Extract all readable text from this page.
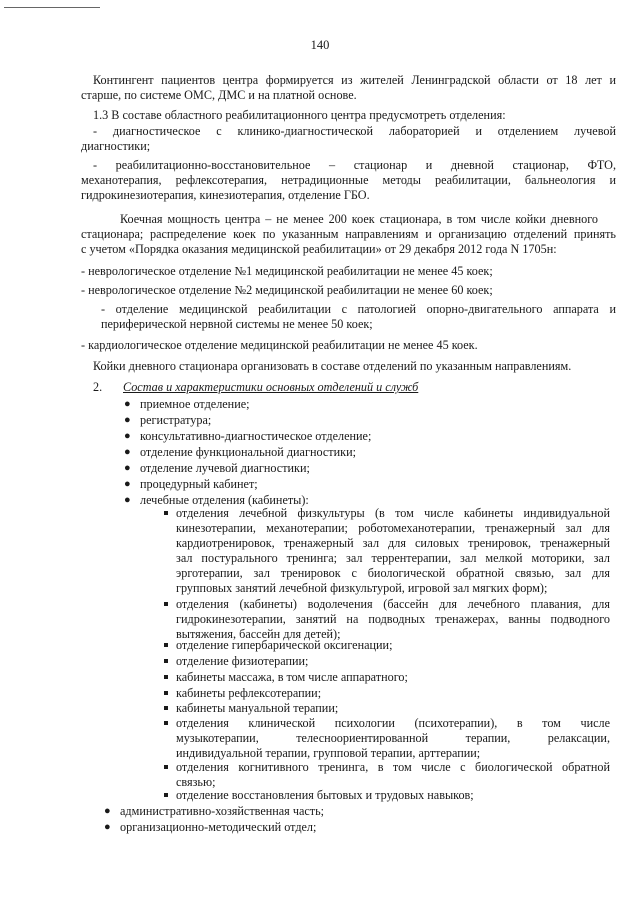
140
Контингент пациентов центра формируется из жителей Ленинградской области от 18 лет и
старше, по системе ОМС, ДМС и на платной основе.
1.3 В составе областного реабилитационного центра предусмотреть отделения:
- диагностическое с клинико-диагностической лабораторией и отделением лучевой
диагностики;
- реабилитационно-восстановительное – стационар и дневной стационар, ФТО,
механотерапия, рефлексотерапия, нетрадиционные методы реабилитации, бальнеология и
гидрокинезиотерапия, кинезиотерапия, отделение ГБО.
Коечная мощность центра – не менее 200 коек стационара, в том числе койки дневного
стационара; распределение коек по указанным направлениям и организацию отделений принять
с учетом «Порядка оказания медицинской реабилитации» от 29 декабря 2012 года N 1705н:
- неврологическое отделение №1 медицинской реабилитации не менее 45 коек;
- неврологическое отделение №2 медицинской реабилитации не менее 60 коек;
- отделение медицинской реабилитации с патологией опорно-двигательного аппарата и
периферической нервной системы не менее 50 коек;
- кардиологическое отделение медицинской реабилитации не менее 45 коек.
Койки дневного стационара организовать в составе отделений по указанным направлениям.
2. Состав и характеристики основных отделений и служб
● приемное отделение;
● регистратура;
● консультативно-диагностическое отделение;
● отделение функциональной диагностики;
● отделение лучевой диагностики;
● процедурный кабинет;
● лечебные отделения (кабинеты):
отделения лечебной физкультуры (в том числе кабинеты индивидуальной
кинезотерапии, механотерапии; роботомеханотерапии, тренажерный зал для
кардиотренировок, тренажерный зал для силовых тренировок, тренажерный
зал постурального тренинга; зал террентерапии, зал мелкой моторики, зал
эрготерапии, зал тренировок с биологической обратной связью, зал для
групповых занятий лечебной физкультурой, игровой зал мягких форм);
отделения (кабинеты) водолечения (бассейн для лечебного плавания, для
гидрокинезотерапии, занятий на подводных тренажерах, ванны подводного
вытяжения, бассейн для детей);
отделение гипербарической оксигенации;
отделение физиотерапии;
кабинеты массажа, в том числе аппаратного;
кабинеты рефлексотерапии;
кабинеты мануальной терапии;
отделения клинической психологии (психотерапии), в том числе
музыкотерапии, телесноориентированной терапии, релаксации,
индивидуальной терапии, групповой терапии, арттерапии;
отделения когнитивного тренинга, в том числе с биологической обратной
связью;
отделение восстановления бытовых и трудовых навыков;
● административно-хозяйственная часть;
● организационно-методический отдел;
